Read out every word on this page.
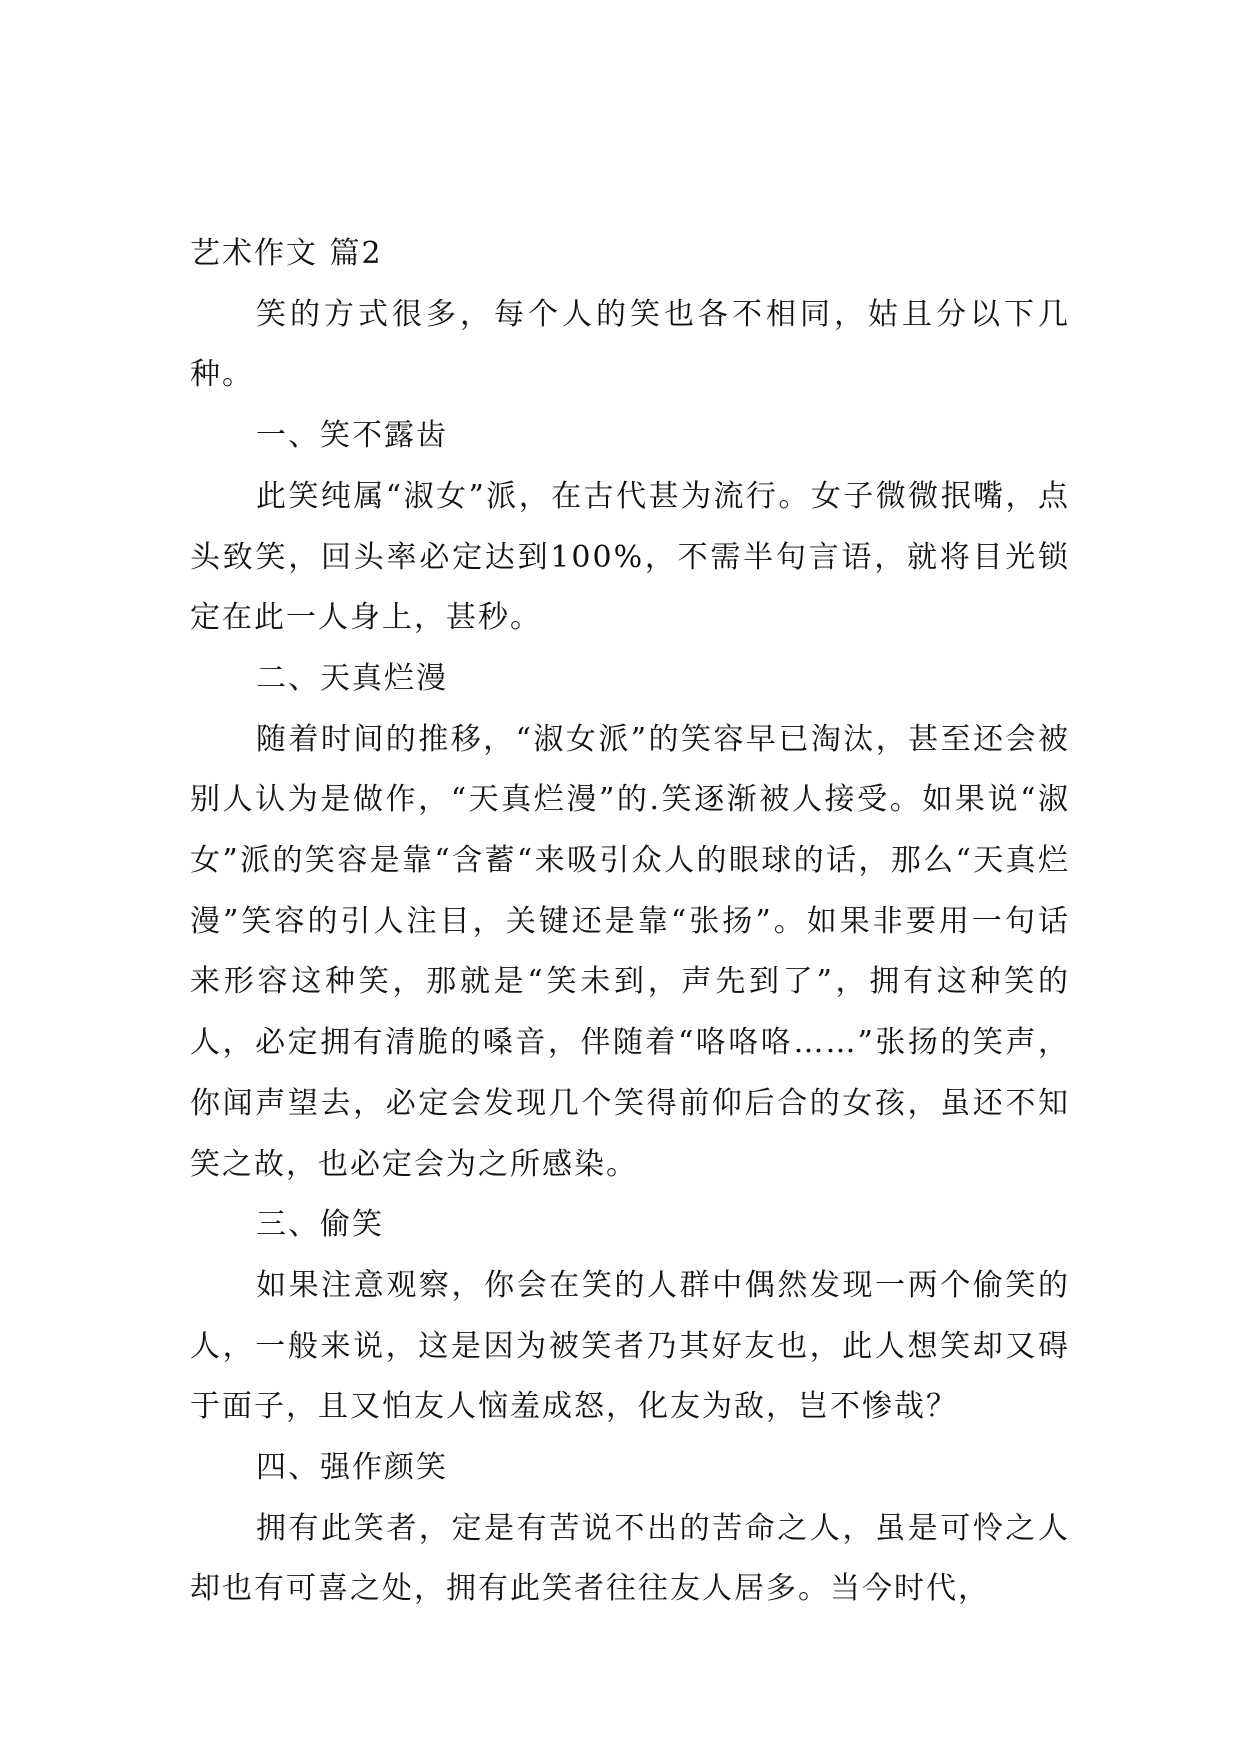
艺术作文 篇2

笑的方式很多，每个人的笑也各不相同，姑且分以下几种。

一、笑不露齿

此笑纯属“淑女”派，在古代甚为流行。女子微微抿嘴，点头致笑，回头率必定达到100%，不需半句言语，就将目光锁定在此一人身上，甚秒。

二、天真烂漫

随着时间的推移，“淑女派”的笑容早已淘汰，甚至还会被别人认为是做作，“天真烂漫”的.笑逐渐被人接受。如果说“淑女”派的笑容是靠“含蓄“来吸引众人的眼球的话，那么“天真烂漫”笑容的引人注目，关键还是靠“张扬”。如果非要用一句话来形容这种笑，那就是“笑未到，声先到了”，拥有这种笑的人，必定拥有清脆的嗓音，伴随着“咯咯咯……”张扬的笑声，你闻声望去，必定会发现几个笑得前仰后合的女孩，虽还不知笑之故，也必定会为之所感染。

三、偷笑

如果注意观察，你会在笑的人群中偶然发现一两个偷笑的人，一般来说，这是因为被笑者乃其好友也，此人想笑却又碍于面子，且又怕友人恼羞成怒，化友为敌，岂不惨哉？

四、强作颜笑

拥有此笑者，定是有苦说不出的苦命之人，虽是可怜之人却也有可喜之处，拥有此笑者往往友人居多。当今时代，
